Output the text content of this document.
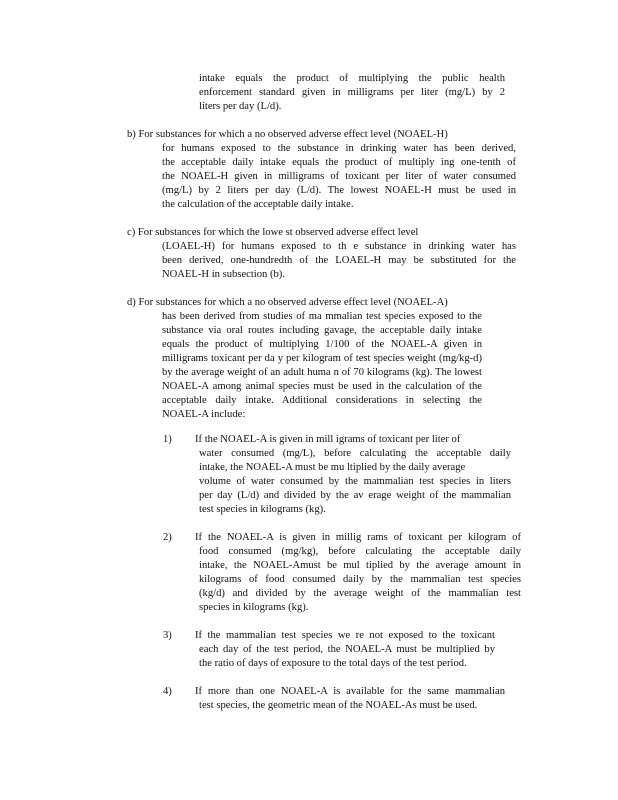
intake equals the product of multiplying the public health

enforcement standard given in milligrams per liter (mg/L) by 2

liters per day (L/d).

b) For substances for which a no observed adverse effect level (NOAEL-H)

for humans exposed to the substance in drinking water has been derived,

the acceptable daily intake equals the product of multiply ing one-tenth of

the NOAEL-H given in milligrams of toxicant per liter of water consumed

(mg/L) by 2 liters per day (L/d). The lowest NOAEL-H must be used in

the calculation of the acceptable daily intake.

c) For substances for which the lowe st observed adverse effect level

(LOAEL-H) for humans exposed to th e substance in drinking water has

been derived, one-hundredth of the LOAEL-H may be substituted for the

NOAEL-H in subsection (b).

d) For substances for which a no observed adverse effect level (NOAEL-A)

has been derived from studies of ma mmalian test species exposed to the

substance via oral routes including gavage, the acceptable daily intake

equals the product of multiplying 1/100 of the NOAEL-A given in

milligrams toxicant per da y per kilogram of test species weight (mg/kg-d)

by the average weight of an adult huma n of 70 kilograms (kg). The lowest

NOAEL-A among animal species must be used in the calculation of the

acceptable daily intake. Additional considerations in selecting the

NOAEL-A include:

1) If the NOAEL-A is given in mill igrams of toxicant per liter of

water consumed (mg/L), before calculating the acceptable daily

intake, the NOAEL-A must be mu ltiplied by the daily average

volume of water consumed by the mammalian test species in liters

per day (L/d) and divided by the av erage weight of the mammalian

test species in kilograms (kg).

2) If the NOAEL-A is given in millig rams of toxicant per kilogram of

food consumed (mg/kg), before calculating the acceptable daily

intake, the NOAEL-Amust be mul tiplied by the average amount in

kilograms of food consumed daily by the mammalian test species

(kg/d) and divided by the average weight of the mammalian test

species in kilograms (kg).

3) If the mammalian test species we re not exposed to the toxicant

each day of the test period, the NOAEL-A must be multiplied by

the ratio of days of exposure to the total days of the test period.

4) If more than one NOAEL-A is available for the same mammalian

test species, the geometric mean of the NOAEL-As must be used.
